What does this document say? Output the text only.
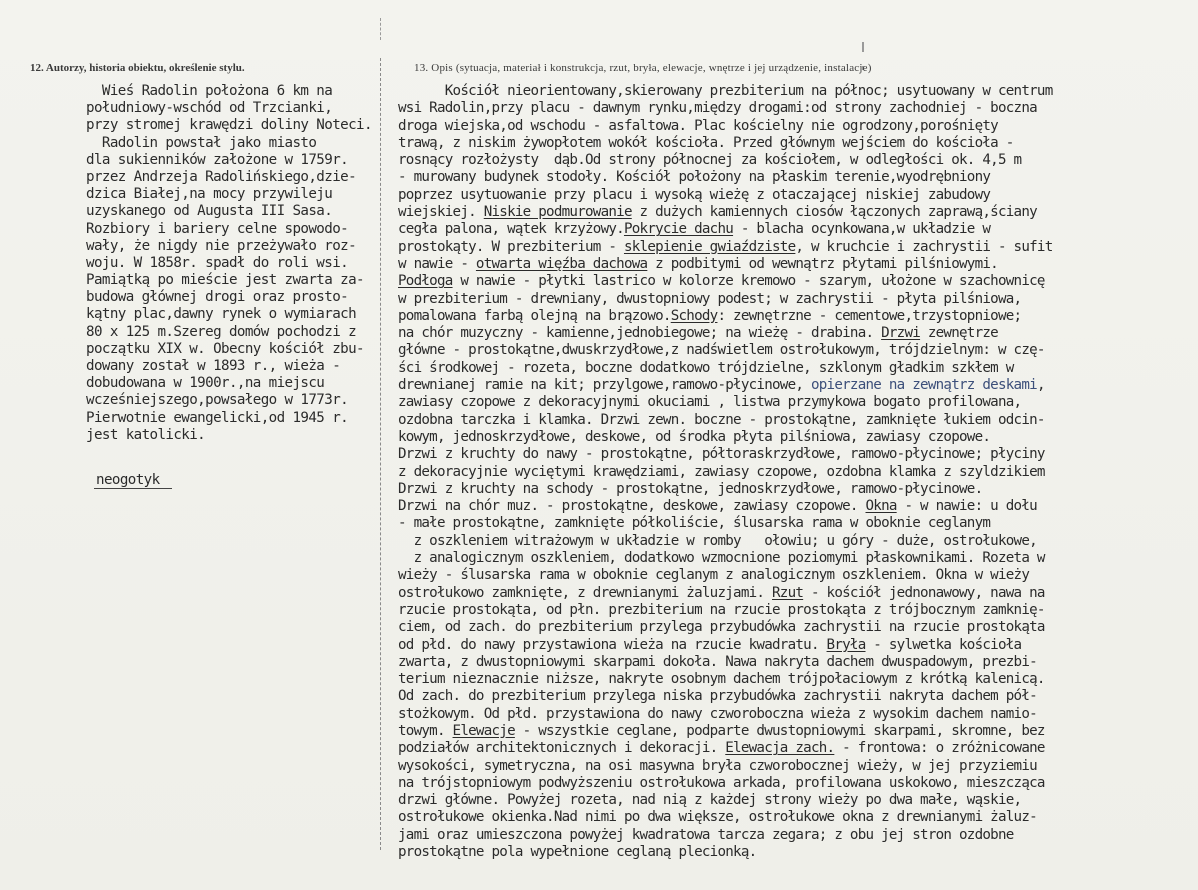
12. Autorzy, historia obiektu, określenie stylu.	13. Opis (sytuacja, materiał i konstrukcja, rzut, bryła, elewacje, wnętrze i jej urządzenie, instalacje)
Wieś Radolin położona 6 km na
południowy-wschód od Trzcianki,
przy stromej krawędzi doliny Noteci.
Radolin powstał jako miasto
dla sukienników założone w 1759r.
przez Andrzeja Radolińskiego,dzie-
dzica Białej,na mocy przywileju
uzyskanego od Augusta III Sasa.
Rozbiory i bariery celne spowodo-
wały, że nigdy nie przeżywało roz-
woju. W 1858r. spadł do roli wsi.
Pamiątką po mieście jest zwarta za-
budowa głównej drogi oraz prosto-
kątny plac,dawny rynek o wymiarach
80 x 125 m.Szereg domów pochodzi z
początku XIX w. Obecny kościół zbu-
dowany został w 1893 r., wieża -
dobudowana w 1900r.,na miejscu
wcześniejszego,powsałego w 1773r.
Pierwotnie ewangelicki,od 1945 r.
jest katolicki.
neogotyk
Kościół nieorientowany,skierowany prezbiterium na północ; usytuowany w centrum
wsi Radolin,przy placu - dawnym rynku,między drogami:od strony zachodniej - boczna
droga wiejska,od wschodu - asfaltowa. Plac kościelny nie ogrodzony,porośnięty
trawą, z niskim żywopłotem wokół kościoła. Przed głównym wejściem do kościoła -
rosnący rozłożysty  dąb.Od strony północnej za kościołem, w odległości ok. 4,5 m
- murowany budynek stodoły. Kościół położony na płaskim terenie,wyodrębniony
poprzez usytuowanie przy placu i wysoką wieżę z otaczającej niskiej zabudowy
wiejskiej. Niskie podmurowanie z dużych kamiennych ciosów łączonych zaprawą,ściany
cegła palona, wątek krzyżowy.Pokrycie dachu - blacha ocynkowana,w układzie w
prostokąty. W prezbiterium - sklepienie gwiaździste, w kruchcie i zachrystii - sufit
w nawie - otwarta więźba dachowa z podbitymi od wewnątrz płytami pilśniowymi.
Podłoga w nawie - płytki lastrico w kolorze kremowo - szarym, ułożone w szachownicę
w prezbiterium - drewniany, dwustopniowy podest; w zachrystii - płyta pilśniowa,
pomalowana farbą olejną na brązowo.Schody: zewnętrzne - cementowe,trzystopniowe;
na chór muzyczny - kamienne,jednobiegowe; na wieżę - drabina. Drzwi zewnętrze
główne - prostokątne,dwuskrzydłowe,z nadświetlem ostrołukowym, trójdzielnym: w czę-
ści środkowej - rozeta, boczne dodatkowo trójdzielne, szklonym gładkim szkłem w
drewnianej ramie na kit; przylgowe,ramowo-płycinowe, opierzane na zewnątrz deskami,
zawiasy czopowe z dekoracyjnymi okuciami , listwa przymykowa bogato profilowana,
ozdobna tarczka i klamka. Drzwi zewn. boczne - prostokątne, zamknięte łukiem odcin-
kowym, jednoskrzydłowe, deskowe, od środka płyta pilśniowa, zawiasy czopowe.
Drzwi z kruchty do nawy - prostokątne, półtoraskrzydłowe, ramowo-płycinowe; płyciny
z dekoracyjnie wyciętymi krawędziami, zawiasy czopowe, ozdobna klamka z szyldzikiem
Drzwi z kruchty na schody - prostokątne, jednoskrzydłowe, ramowo-płycinowe.
Drzwi na chór muz. - prostokątne, deskowe, zawiasy czopowe. Okna - w nawie: u dołu
- małe prostokątne, zamknięte półkoliście, ślusarska rama w oboknie ceglanym
z oszkleniem witrażowym w układzie w romby   ołowiu; u góry - duże, ostrołukowe,
z analogicznym oszkleniem, dodatkowo wzmocnione poziomymi płaskownikami. Rozeta w
wieży - ślusarska rama w oboknie ceglanym z analogicznym oszkleniem. Okna w wieży
ostrołukowo zamknięte, z drewnianymi żaluzjami. Rzut - kościół jednonawowy, nawa na
rzucie prostokąta, od płn. prezbiterium na rzucie prostokąta z trójbocznym zamknię-
ciem, od zach. do prezbiterium przylega przybudówka zachrystii na rzucie prostokąta
od płd. do nawy przystawiona wieża na rzucie kwadratu. Bryła - sylwetka kościoła
zwarta, z dwustopniowymi skarpami dokoła. Nawa nakryta dachem dwuspadowym, prezbi-
terium nieznacznie niższe, nakryte osobnym dachem trójpołaciowym z krótką kalenicą.
Od zach. do prezbiterium przylega niska przybudówka zachrystii nakryta dachem pół-
stożkowym. Od płd. przystawiona do nawy czworoboczna wieża z wysokim dachem namio-
towym. Elewacje - wszystkie ceglane, podparte dwustopniowymi skarpami, skromne, bez
podziałów architektonicznych i dekoracji. Elewacja zach. - frontowa: o zróżnicowane
wysokości, symetryczna, na osi masywna bryła czworobocznej wieży, w jej przyziemiu
na trójstopniowym podwyższeniu ostrołukowa arkada, profilowana uskokowo, mieszcząca
drzwi główne. Powyżej rozeta, nad nią z każdej strony wieży po dwa małe, wąskie,
ostrołukowe okienka.Nad nimi po dwa większe, ostrołukowe okna z drewnianymi żaluz-
jami oraz umieszczona powyżej kwadratowa tarcza zegara; z obu jej stron ozdobne
prostokątne pola wypełnione ceglaną plecionką.
